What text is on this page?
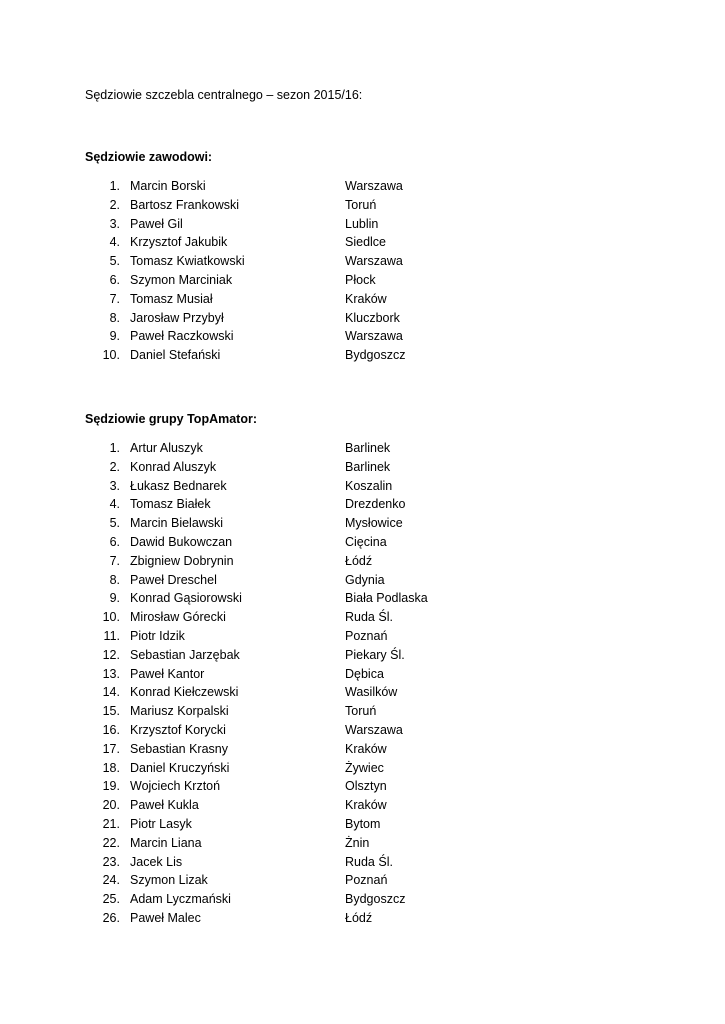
Sędziowie szczebla centralnego – sezon 2015/16:
Sędziowie zawodowi:
1. Marcin Borski	Warszawa
2. Bartosz Frankowski	Toruń
3. Paweł Gil	Lublin
4. Krzysztof Jakubik	Siedlce
5. Tomasz Kwiatkowski	Warszawa
6. Szymon Marciniak	Płock
7. Tomasz Musiał	Kraków
8. Jarosław Przybył	Kluczbork
9. Paweł Raczkowski	Warszawa
10. Daniel Stefański	Bydgoszcz
Sędziowie grupy TopAmator:
1. Artur Aluszyk	Barlinek
2. Konrad Aluszyk	Barlinek
3. Łukasz Bednarek	Koszalin
4. Tomasz Białek	Drezdenko
5. Marcin Bielawski	Mysłowice
6. Dawid Bukowczan	Cięcina
7. Zbigniew Dobrynin	Łódź
8. Paweł Dreschel	Gdynia
9. Konrad Gąsiorowski	Biała Podlaska
10. Mirosław Górecki	Ruda Śl.
11. Piotr Idzik	Poznań
12. Sebastian Jarzębak	Piekary Śl.
13. Paweł Kantor	Dębica
14. Konrad Kiełczewski	Wasilków
15. Mariusz Korpalski	Toruń
16. Krzysztof Korycki	Warszawa
17. Sebastian Krasny	Kraków
18. Daniel Kruczyński	Żywiec
19. Wojciech Krztoń	Olsztyn
20. Paweł Kukla	Kraków
21. Piotr Lasyk	Bytom
22. Marcin Liana	Żnin
23. Jacek Lis	Ruda Śl.
24. Szymon Lizak	Poznań
25. Adam Lyczmański	Bydgoszcz
26. Paweł Malec	Łódź
